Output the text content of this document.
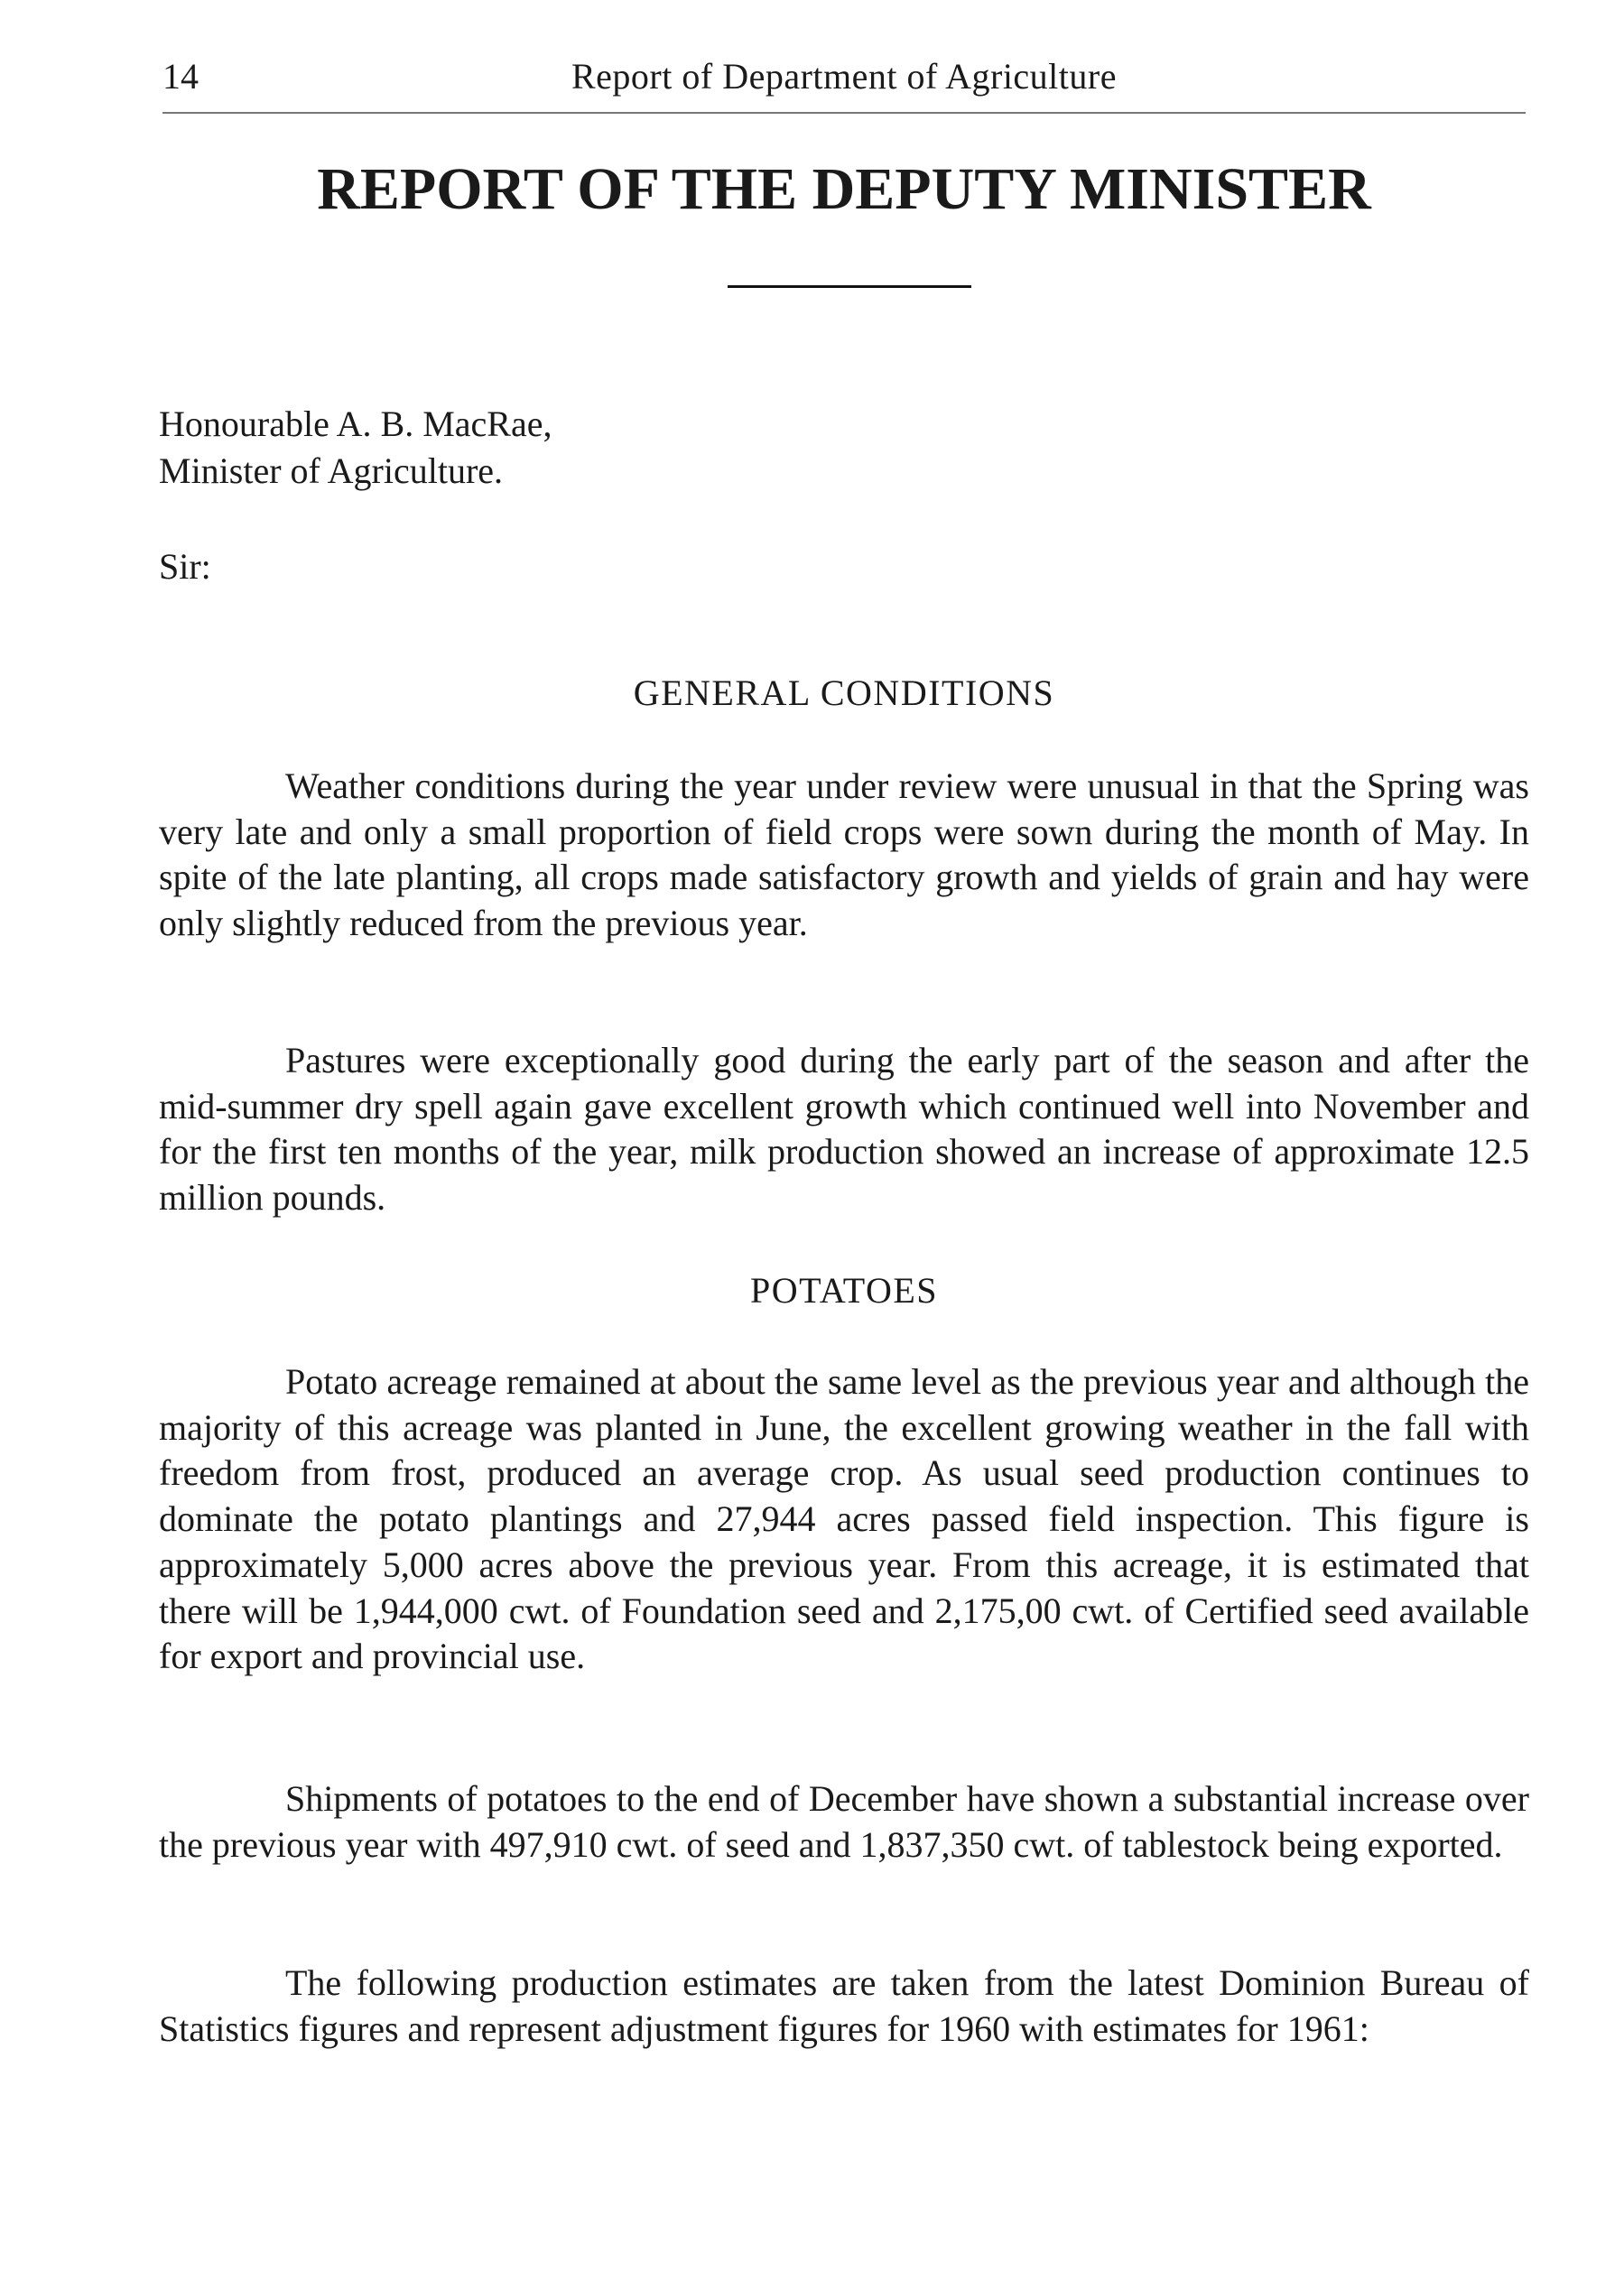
14	Report of Department of Agriculture
REPORT OF THE DEPUTY MINISTER
Honourable A. B. MacRae,
Minister of Agriculture.
Sir:
GENERAL CONDITIONS

Weather conditions during the year under review were unusual in that the Spring was very late and only a small proportion of field crops were sown during the month of May. In spite of the late planting, all crops made satisfactory growth and yields of grain and hay were only slightly reduced from the previous year.

Pastures were exceptionally good during the early part of the season and after the mid-summer dry spell again gave excellent growth which continued well into November and for the first ten months of the year, milk production showed an increase of approximate 12.5 million pounds.

POTATOES

Potato acreage remained at about the same level as the previous year and although the majority of this acreage was planted in June, the excellent growing weather in the fall with freedom from frost, produced an average crop. As usual seed production continues to dominate the potato plantings and 27,944 acres passed field inspection. This figure is approximately 5,000 acres above the previous year. From this acreage, it is estimated that there will be 1,944,000 cwt. of Foundation seed and 2,175,00 cwt. of Certified seed available for export and provincial use.

Shipments of potatoes to the end of December have shown a substantial increase over the previous year with 497,910 cwt. of seed and 1,837,350 cwt. of tablestock being exported.

The following production estimates are taken from the latest Dominion Bureau of Statistics figures and represent adjustment figures for 1960 with estimates for 1961:
